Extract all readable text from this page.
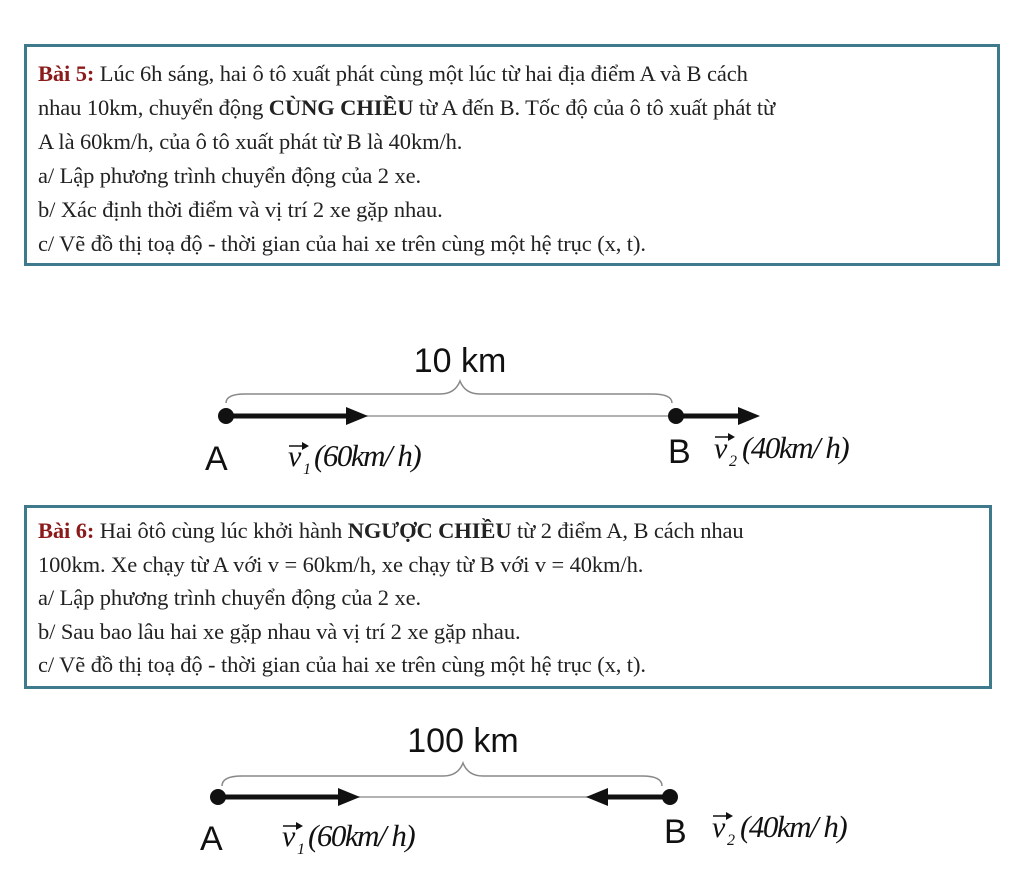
Bài 5: Lúc 6h sáng, hai ô tô xuất phát cùng một lúc từ hai địa điểm A và B cách
nhau 10km, chuyển động CÙNG CHIỀU từ A đến B. Tốc độ của ô tô xuất phát từ
A là 60km/h, của ô tô xuất phát từ B là 40km/h.
a/ Lập phương trình chuyển động của 2 xe.
b/ Xác định thời điểm và vị trí 2 xe gặp nhau.
c/ Vẽ đồ thị toạ độ - thời gian của hai xe trên cùng một hệ trục (x, t).
10 km
A	B
v 1 (60km/ h)	v 2 (40km/ h)
Bài 6: Hai ôtô cùng lúc khởi hành NGƯỢC CHIỀU từ 2 điểm A, B cách nhau
100km. Xe chạy từ A với v = 60km/h, xe chạy từ B với v = 40km/h.
a/ Lập phương trình chuyển động của 2 xe.
b/ Sau bao lâu hai xe gặp nhau và vị trí 2 xe gặp nhau.
c/ Vẽ đồ thị toạ độ - thời gian của hai xe trên cùng một hệ trục (x, t).
100 km
A	B
v 1 (60km/ h)	v 2 (40km/ h)
